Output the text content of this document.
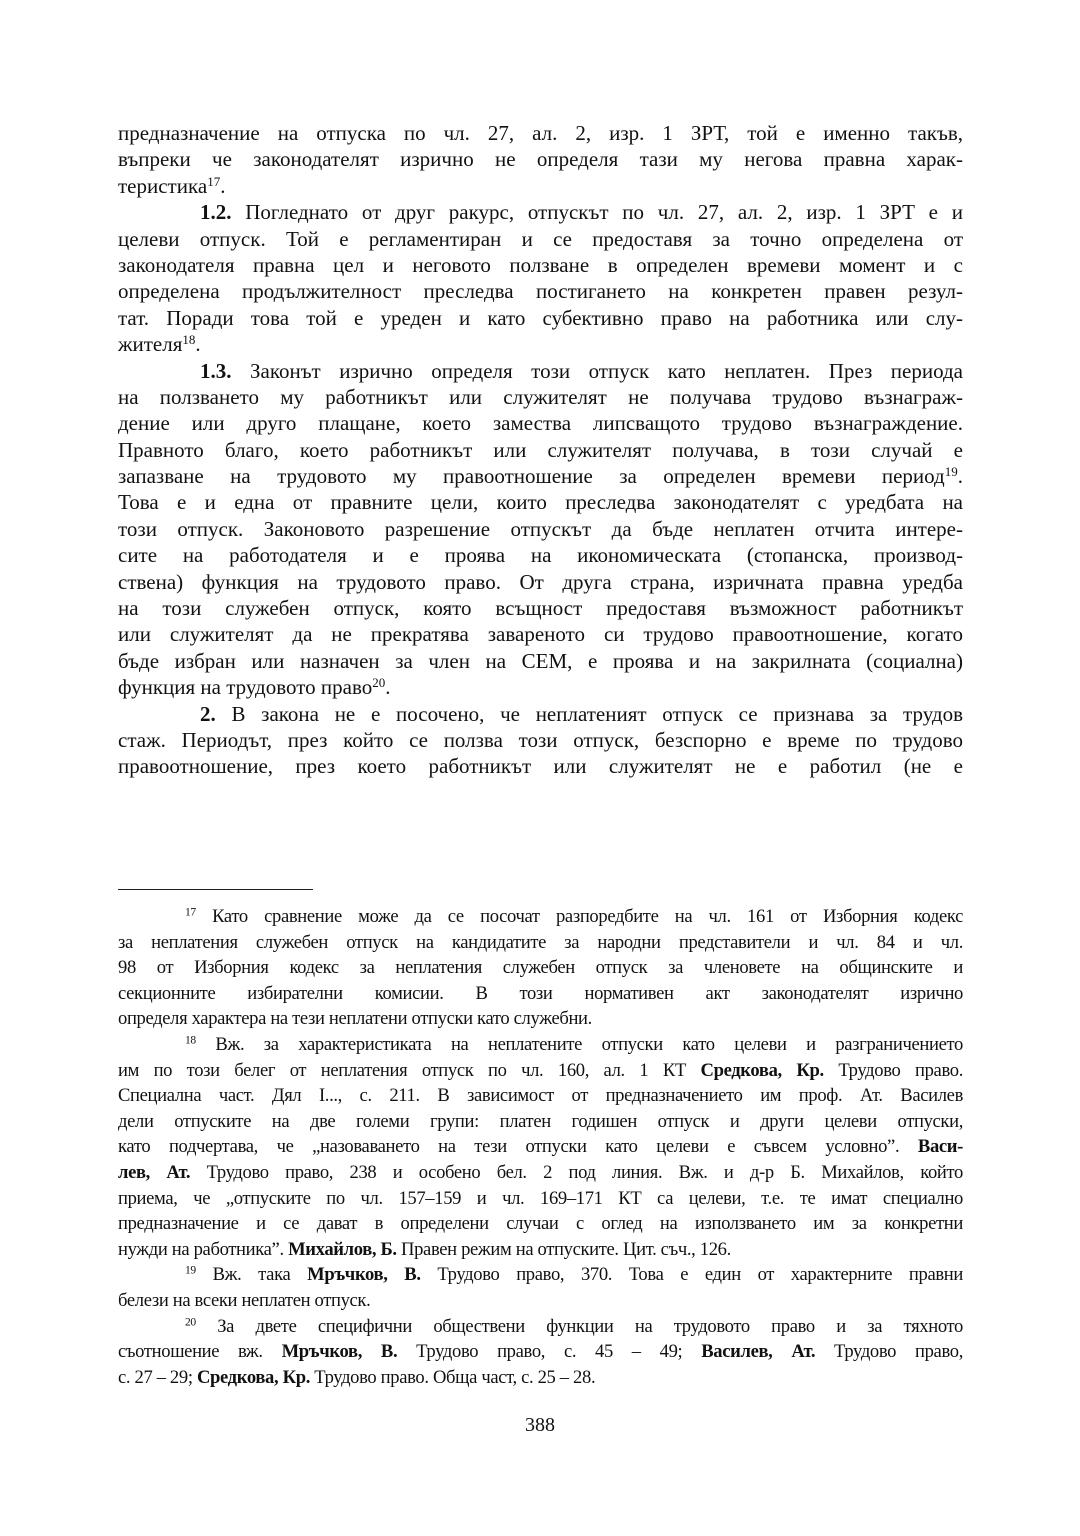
предназначение на отпуска по чл. 27, ал. 2, изр. 1 ЗРТ, той е именно такъв,
въпреки че законодателят изрично не определя тази му негова правна харак-
теристика$^{17}$.
1.2. Погледнато от друг ракурс, отпускът по чл. 27, ал. 2, изр. 1 ЗРТ е и
целеви отпуск. Той е регламентиран и се предоставя за точно определена от
законодателя правна цел и неговото ползване в определен времеви момент и с
определена продължителност преследва постигането на конкретен правен резул-
тат. Поради това той е уреден и като субективно право на работника или слу-
жителя$^{18}$.
1.3. Законът изрично определя този отпуск като неплатен. През периода
на ползването му работникът или служителят не получава трудово възнаграж-
дение или друго плащане, което замества липсващото трудово възнаграждение.
Правното благо, което работникът или служителят получава, в този случай е
запазване на трудовото му правоотношение за определен времеви период$^{19}$.
Това е и една от правните цели, които преследва законодателят с уредбата на
този отпуск. Законовото разрешение отпускът да бъде неплатен отчита интере-
сите на работодателя и е проява на икономическата (стопанска, производ-
ствена) функция на трудовото право. От друга страна, изричната правна уредба
на този служебен отпуск, която всъщност предоставя възможност работникът
или служителят да не прекратява завареното си трудово правоотношение, когато
бъде избран или назначен за член на СЕМ, е проява и на закрилната (социална)
функция на трудовото право$^{20}$.
2. В закона не е посочено, че неплатеният отпуск се признава за трудов
стаж. Периодът, през който се ползва този отпуск, безспорно е време по трудово
правоотношение, през което работникът или служителят не е работил (не е
$^{17}$ Като сравнение може да се посочат разпоредбите на чл. 161 от Изборния кодекс
за неплатения служебен отпуск на кандидатите за народни представители и чл. 84 и чл.
98 от Изборния кодекс за неплатения служебен отпуск за членовете на общинските и
секционните избирателни комисии. В този нормативен акт законодателят изрично
определя характера на тези неплатени отпуски като служебни.
$^{18}$ Вж. за характеристиката на неплатените отпуски като целеви и разграничението
им по този белег от неплатения отпуск по чл. 160, ал. 1 КТ Средкова, Кр. Трудово право.
Специална част. Дял I..., с. 211. В зависимост от предназначението им проф. Ат. Василев
дели отпуските на две големи групи: платен годишен отпуск и други целеви отпуски,
като подчертава, че „назоваването на тези отпуски като целеви е съвсем условно”. Васи-
лев, Ат. Трудово право, 238 и особено бел. 2 под линия. Вж. и д-р Б. Михайлов, който
приема, че „отпуските по чл. 157–159 и чл. 169–171 КТ са целеви, т.е. те имат специално
предназначение и се дават в определени случаи с оглед на използването им за конкретни
нужди на работника”. Михайлов, Б. Правен режим на отпуските. Цит. съч., 126.
$^{19}$ Вж. така Мръчков, В. Трудово право, 370. Това е един от характерните правни
белези на всеки неплатен отпуск.
$^{20}$ За двете специфични обществени функции на трудовото право и за тяхното
съотношение вж. Мръчков, В. Трудово право, с. 45 – 49; Василев, Ат. Трудово право,
с. 27 – 29; Средкова, Кр. Трудово право. Обща част, с. 25 – 28.
388
